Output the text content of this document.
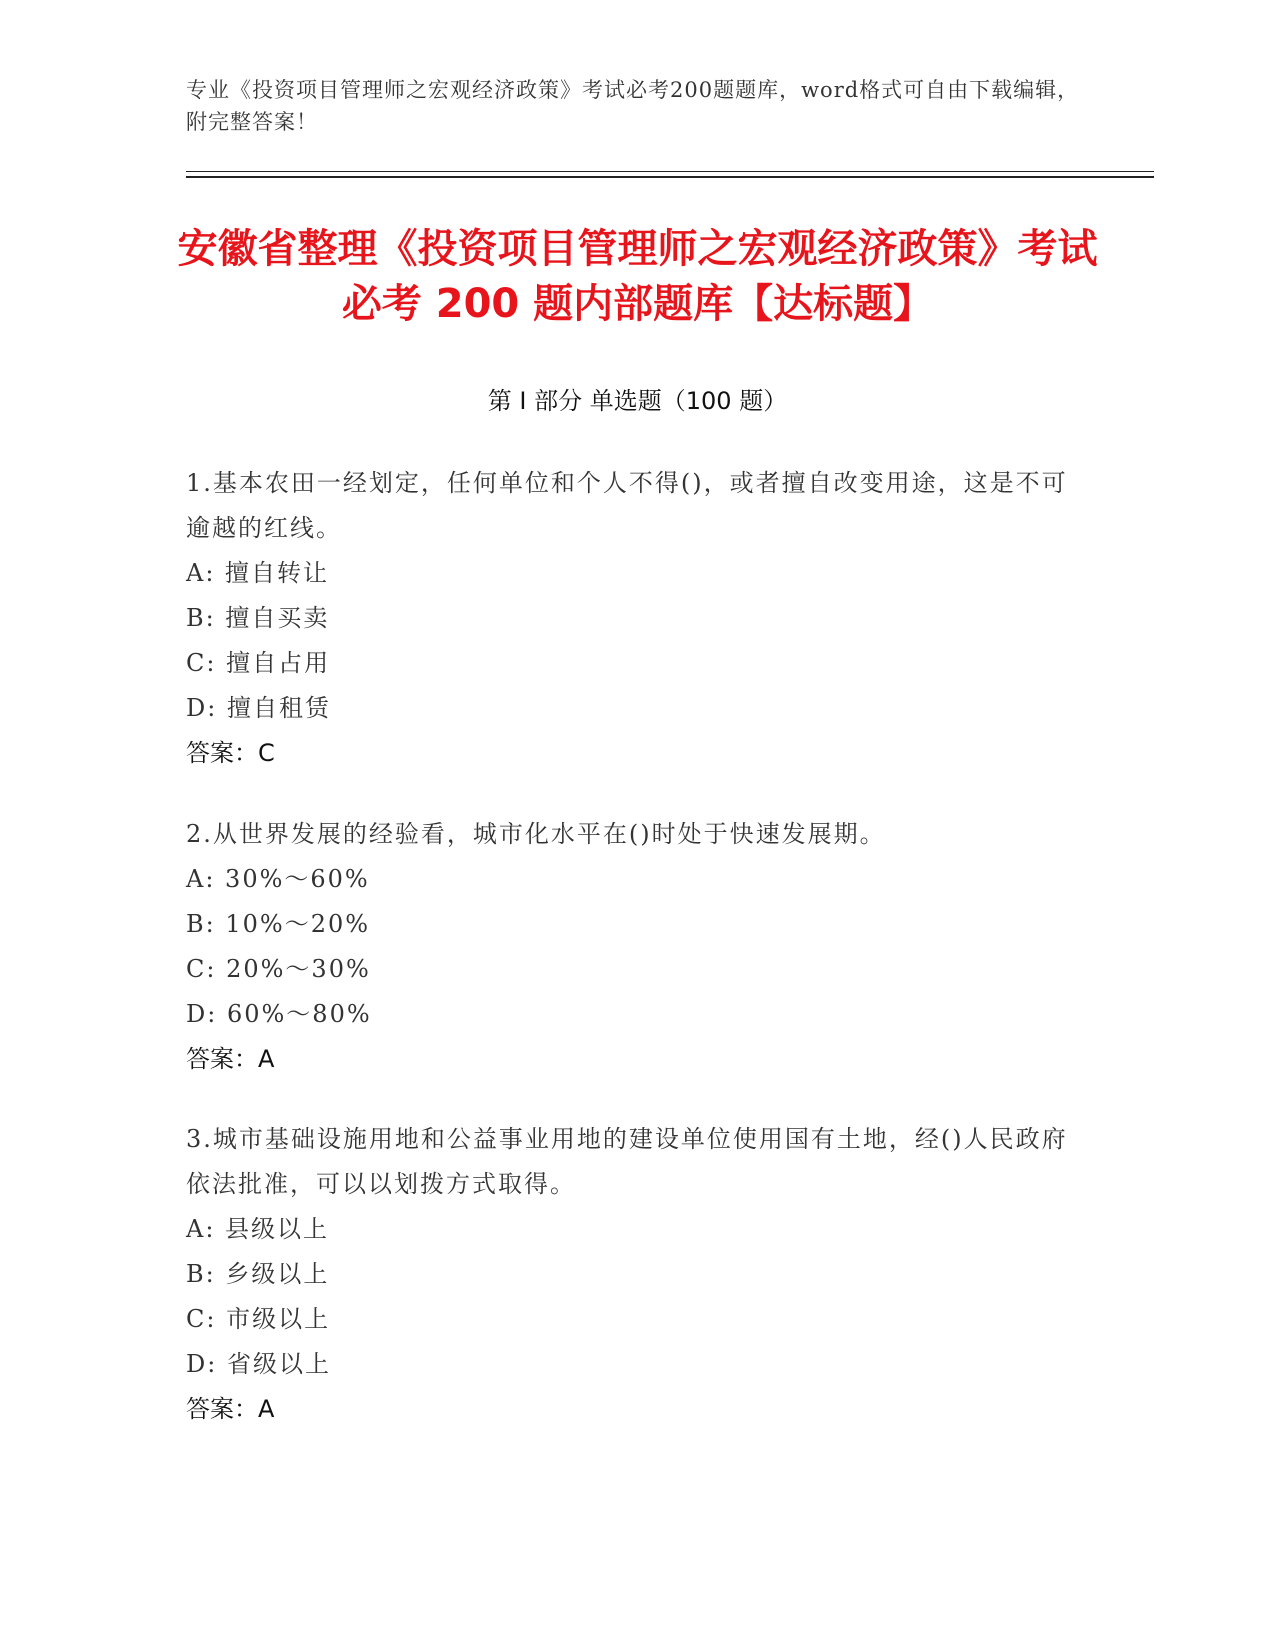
专业《投资项目管理师之宏观经济政策》考试必考200题题库，word格式可自由下载编辑，附完整答案！
安徽省整理《投资项目管理师之宏观经济政策》考试必考 200 题内部题库【达标题】
第 I 部分 单选题（100 题）
1.基本农田一经划定，任何单位和个人不得()，或者擅自改变用途，这是不可逾越的红线。
A: 擅自转让
B: 擅自买卖
C: 擅自占用
D: 擅自租赁
答案：C
2.从世界发展的经验看，城市化水平在()时处于快速发展期。
A: 30%～60%
B: 10%～20%
C: 20%～30%
D: 60%～80%
答案：A
3.城市基础设施用地和公益事业用地的建设单位使用国有土地，经()人民政府依法批准，可以以划拨方式取得。
A: 县级以上
B: 乡级以上
C: 市级以上
D: 省级以上
答案：A
